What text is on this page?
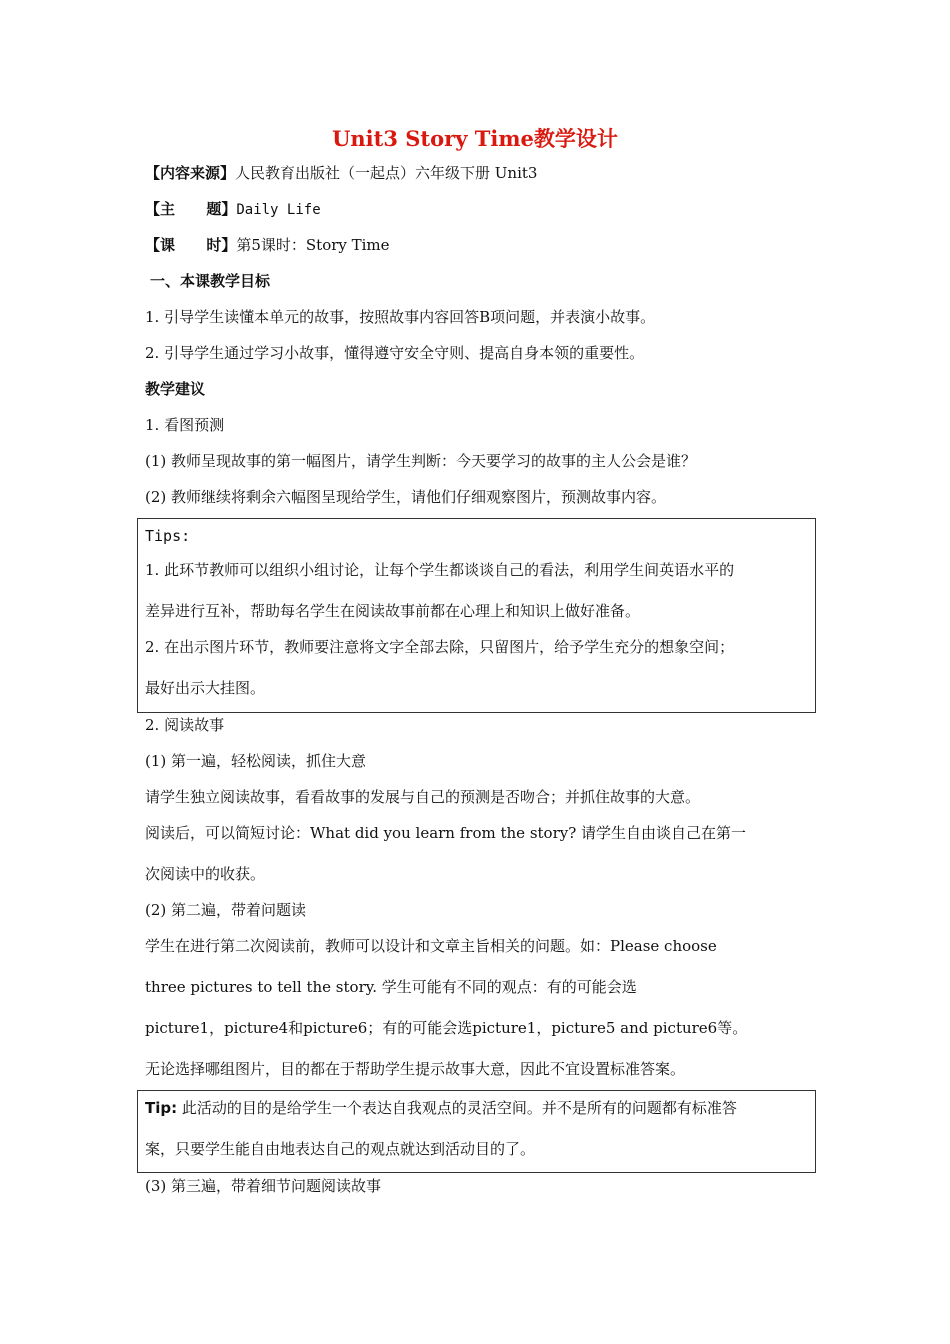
Unit3 Story Time教学设计
【内容来源】人民教育出版社（一起点）六年级下册 Unit3
【主      题】Daily Life
【课      时】第5课时：Story Time
一、本课教学目标
1. 引导学生读懂本单元的故事，按照故事内容回答B项问题，并表演小故事。
2. 引导学生通过学习小故事，懂得遵守安全守则、提高自身本领的重要性。
教学建议
1. 看图预测
(1) 教师呈现故事的第一幅图片，请学生判断：今天要学习的故事的主人公会是谁？
(2) 教师继续将剩余六幅图呈现给学生，请他们仔细观察图片，预测故事内容。
Tips:
1. 此环节教师可以组织小组讨论，让每个学生都谈谈自己的看法，利用学生间英语水平的
差异进行互补，帮助每名学生在阅读故事前都在心理上和知识上做好准备。
2. 在出示图片环节，教师要注意将文字全部去除，只留图片，给予学生充分的想象空间；
最好出示大挂图。
2. 阅读故事
(1) 第一遍，轻松阅读，抓住大意
请学生独立阅读故事，看看故事的发展与自己的预测是否吻合；并抓住故事的大意。
阅读后，可以简短讨论：What did you learn from the story? 请学生自由谈自己在第一
次阅读中的收获。
(2) 第二遍，带着问题读
学生在进行第二次阅读前，教师可以设计和文章主旨相关的问题。如：Please choose
three pictures to tell the story. 学生可能有不同的观点：有的可能会选
picture1，picture4和picture6；有的可能会选picture1，picture5 and picture6等。
无论选择哪组图片，目的都在于帮助学生提示故事大意，因此不宜设置标准答案。
Tip: 此活动的目的是给学生一个表达自我观点的灵活空间。并不是所有的问题都有标准答
案，只要学生能自由地表达自己的观点就达到活动目的了。
(3) 第三遍，带着细节问题阅读故事
